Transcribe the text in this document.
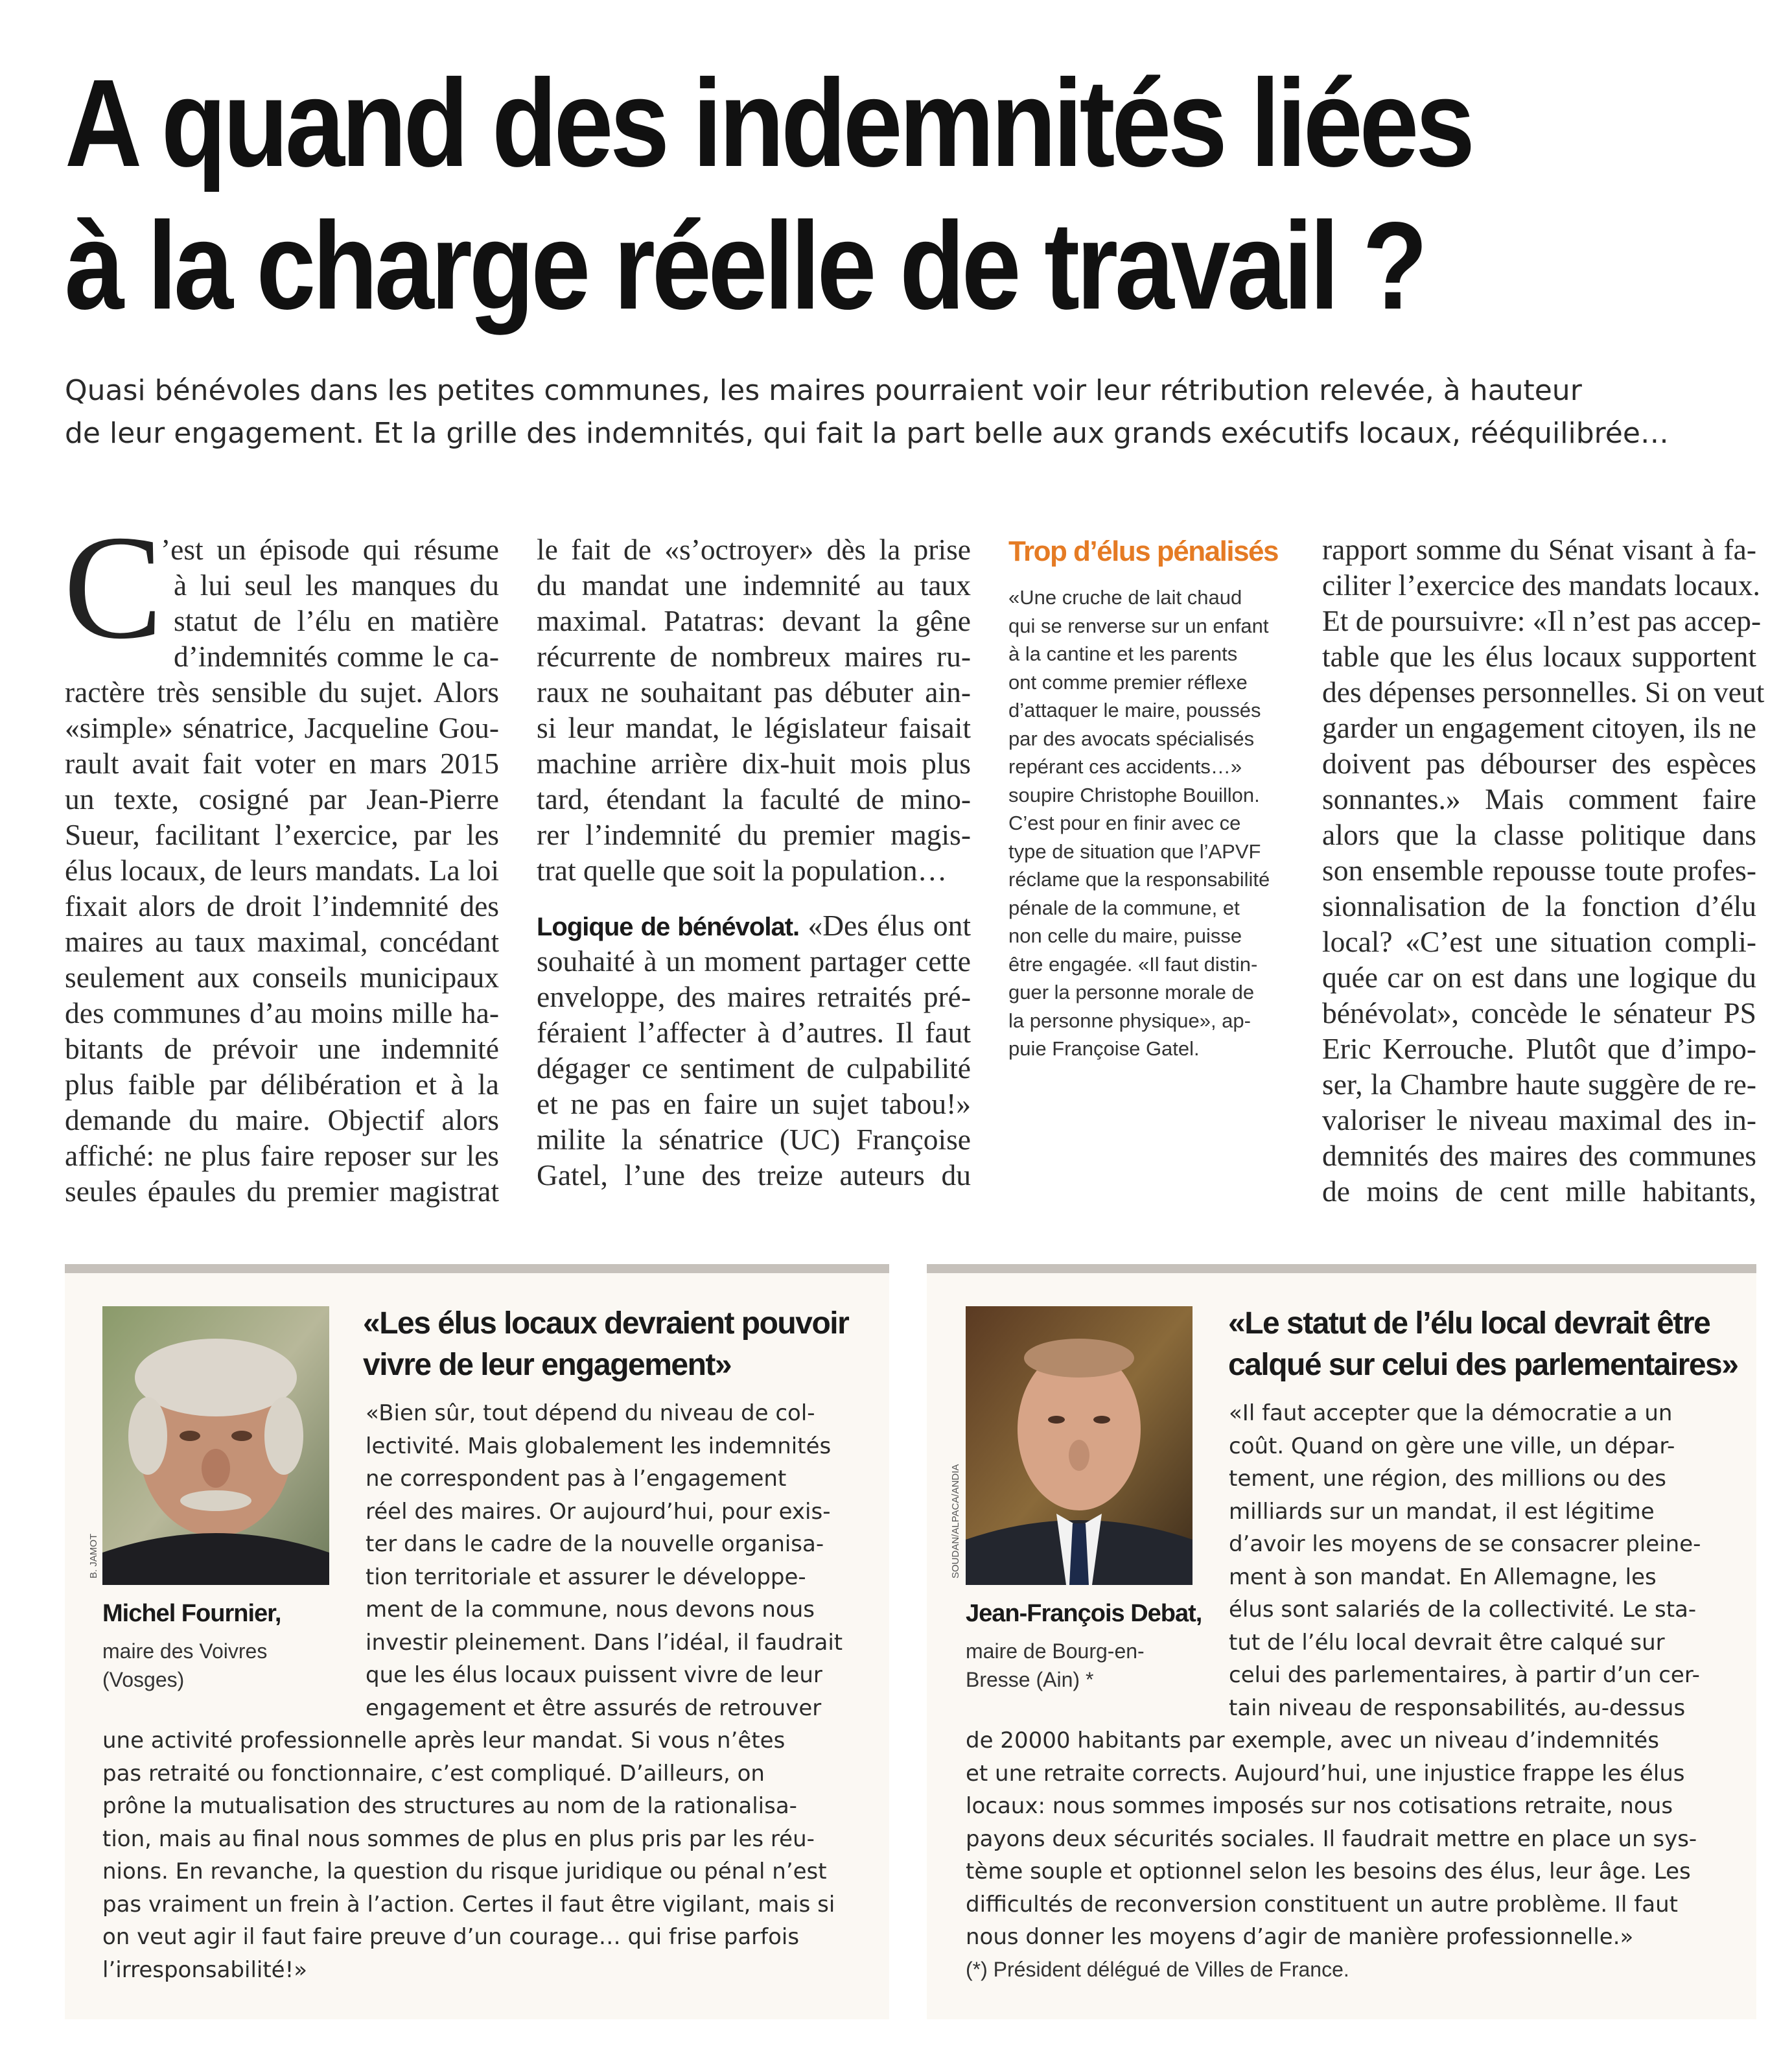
A quand des indemnités liées
à la charge réelle de travail ?
Quasi bénévoles dans les petites communes, les maires pourraient voir leur rétribution relevée, à hauteur
de leur engagement. Et la grille des indemnités, qui fait la part belle aux grands exécutifs locaux, rééquilibrée…
C
’est un épisode qui résume
à lui seul les manques du
statut de l’élu en matière
d’indemnités comme le ca-
ractère très sensible du sujet. Alors
«simple» sénatrice, Jacqueline Gou-
rault avait fait voter en mars 2015
un texte, cosigné par Jean-Pierre
Sueur, facilitant l’exercice, par les
élus locaux, de leurs mandats. La loi
fixait alors de droit l’indemnité des
maires au taux maximal, concédant
seulement aux conseils municipaux
des communes d’au moins mille ha-
bitants de prévoir une indemnité
plus faible par délibération et à la
demande du maire. Objectif alors
affiché: ne plus faire reposer sur les
seules épaules du premier magistrat
le fait de «s’octroyer» dès la prise
du mandat une indemnité au taux
maximal. Patatras: devant la gêne
récurrente de nombreux maires ru-
raux ne souhaitant pas débuter ain-
si leur mandat, le législateur faisait
machine arrière dix-huit mois plus
tard, étendant la faculté de mino-
rer l’indemnité du premier magis-
trat quelle que soit la population…
Logique de bénévolat. «Des élus ont
souhaité à un moment partager cette
enveloppe, des maires retraités pré-
féraient l’affecter à d’autres. Il faut
dégager ce sentiment de culpabilité
et ne pas en faire un sujet tabou!»
milite la sénatrice (UC) Françoise
Gatel, l’une des treize auteurs du
Trop d’élus pénalisés
«Une cruche de lait chaud
qui se renverse sur un enfant
à la cantine et les parents
ont comme premier réflexe
d’attaquer le maire, poussés
par des avocats spécialisés
repérant ces accidents…»
soupire Christophe Bouillon.
C’est pour en finir avec ce
type de situation que l’APVF
réclame que la responsabilité
pénale de la commune, et
non celle du maire, puisse
être engagée. «Il faut distin-
guer la personne morale de
la personne physique», ap-
puie Françoise Gatel.
rapport somme du Sénat visant à fa-
ciliter l’exercice des mandats locaux.
Et de poursuivre: «Il n’est pas accep-
table que les élus locaux supportent
des dépenses personnelles. Si on veut
garder un engagement citoyen, ils ne
doivent pas débourser des espèces
sonnantes.» Mais comment faire
alors que la classe politique dans
son ensemble repousse toute profes-
sionnalisation de la fonction d’élu
local? «C’est une situation compli-
quée car on est dans une logique du
bénévolat», concède le sénateur PS
Eric Kerrouche. Plutôt que d’impo-
ser, la Chambre haute suggère de re-
valoriser le niveau maximal des in-
demnités des maires des communes
de moins de cent mille habitants,
B. JAMOT
«Les élus locaux devraient pouvoir
vivre de leur engagement»
Michel Fournier,
maire des Voivres
(Vosges)
«Bien sûr, tout dépend du niveau de col-
lectivité. Mais globalement les indemnités
ne correspondent pas à l’engagement
réel des maires. Or aujourd’hui, pour exis-
ter dans le cadre de la nouvelle organisa-
tion territoriale et assurer le développe-
ment de la commune, nous devons nous
investir pleinement. Dans l’idéal, il faudrait
que les élus locaux puissent vivre de leur
engagement et être assurés de retrouver
une activité professionnelle après leur mandat. Si vous n’êtes
pas retraité ou fonctionnaire, c’est compliqué. D’ailleurs, on
prône la mutualisation des structures au nom de la rationalisa-
tion, mais au final nous sommes de plus en plus pris par les réu-
nions. En revanche, la question du risque juridique ou pénal n’est
pas vraiment un frein à l’action. Certes il faut être vigilant, mais si
on veut agir il faut faire preuve d’un courage… qui frise parfois
l’irresponsabilité!»
SOUDAN/ALPACA/ANDIA
«Le statut de l’élu local devrait être
calqué sur celui des parlementaires»
Jean-François Debat,
maire de Bourg-en-
Bresse (Ain) *
«Il faut accepter que la démocratie a un
coût. Quand on gère une ville, un dépar-
tement, une région, des millions ou des
milliards sur un mandat, il est légitime
d’avoir les moyens de se consacrer pleine-
ment à son mandat. En Allemagne, les
élus sont salariés de la collectivité. Le sta-
tut de l’élu local devrait être calqué sur
celui des parlementaires, à partir d’un cer-
tain niveau de responsabilités, au-dessus
de 20000 habitants par exemple, avec un niveau d’indemnités
et une retraite corrects. Aujourd’hui, une injustice frappe les élus
locaux: nous sommes imposés sur nos cotisations retraite, nous
payons deux sécurités sociales. Il faudrait mettre en place un sys-
tème souple et optionnel selon les besoins des élus, leur âge. Les
difficultés de reconversion constituent un autre problème. Il faut
nous donner les moyens d’agir de manière professionnelle.»
(*) Président délégué de Villes de France.
